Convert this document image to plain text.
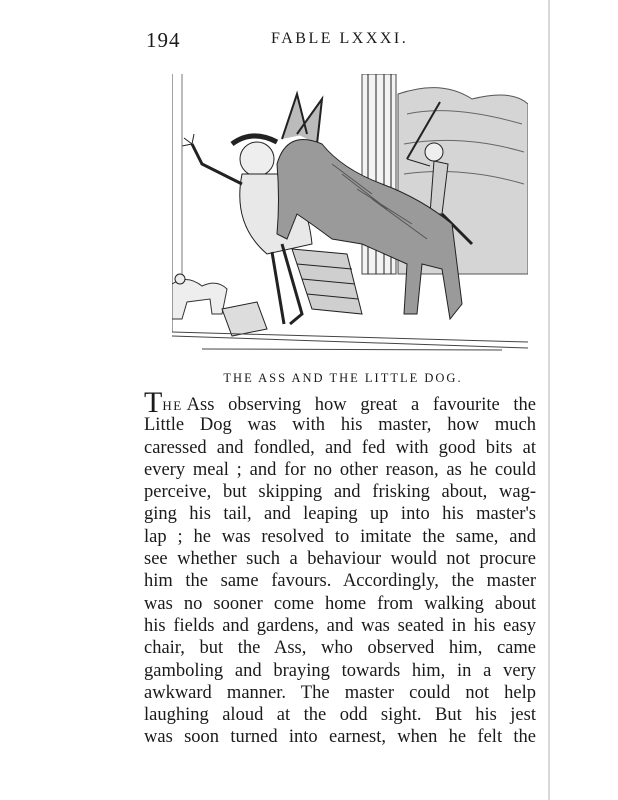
194	FABLE LXXXI.
THE ASS AND THE LITTLE DOG.
THE Ass observing how great a favourite the
Little Dog was with his master, how much
caressed and fondled, and fed with good bits at
every meal ; and for no other reason, as he could
perceive, but skipping and frisking about, wag-
ging his tail, and leaping up into his master's
lap ; he was resolved to imitate the same, and
see whether such a behaviour would not procure
him the same favours. Accordingly, the master
was no sooner come home from walking about
his fields and gardens, and was seated in his easy
chair, but the Ass, who observed him, came
gamboling and braying towards him, in a very
awkward manner. The master could not help
laughing aloud at the odd sight. But his jest
was soon turned into earnest, when he felt the
